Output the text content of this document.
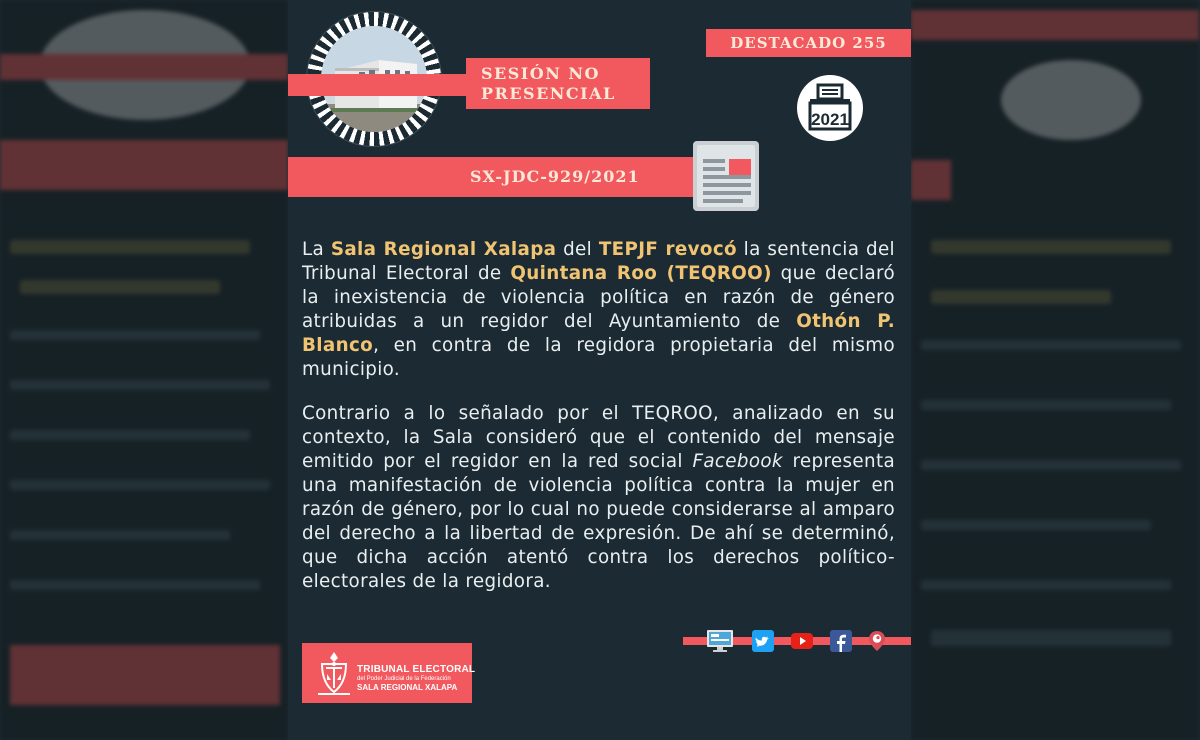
SESIÓN NO
PRESENCIAL
DESTACADO 255
2021
SX-JDC-929/2021

La Sala Regional Xalapa del TEPJF revocó la sentencia del Tribunal Electoral de Quintana Roo (TEQROO) que declaró la inexistencia de violencia política en razón de género atribuidas a un regidor del Ayuntamiento de Othón P. Blanco, en contra de la regidora propietaria del mismo municipio.

Contrario a lo señalado por el TEQROO, analizado en su contexto, la Sala consideró que el contenido del mensaje emitido por el regidor en la red social Facebook representa una manifestación de violencia política contra la mujer en razón de género, por lo cual no puede considerarse al amparo del derecho a la libertad de expresión. De ahí se determinó, que dicha acción atentó contra los derechos político-electorales de la regidora.

TRIBUNAL ELECTORAL
del Poder Judicial de la Federación
SALA REGIONAL XALAPA
